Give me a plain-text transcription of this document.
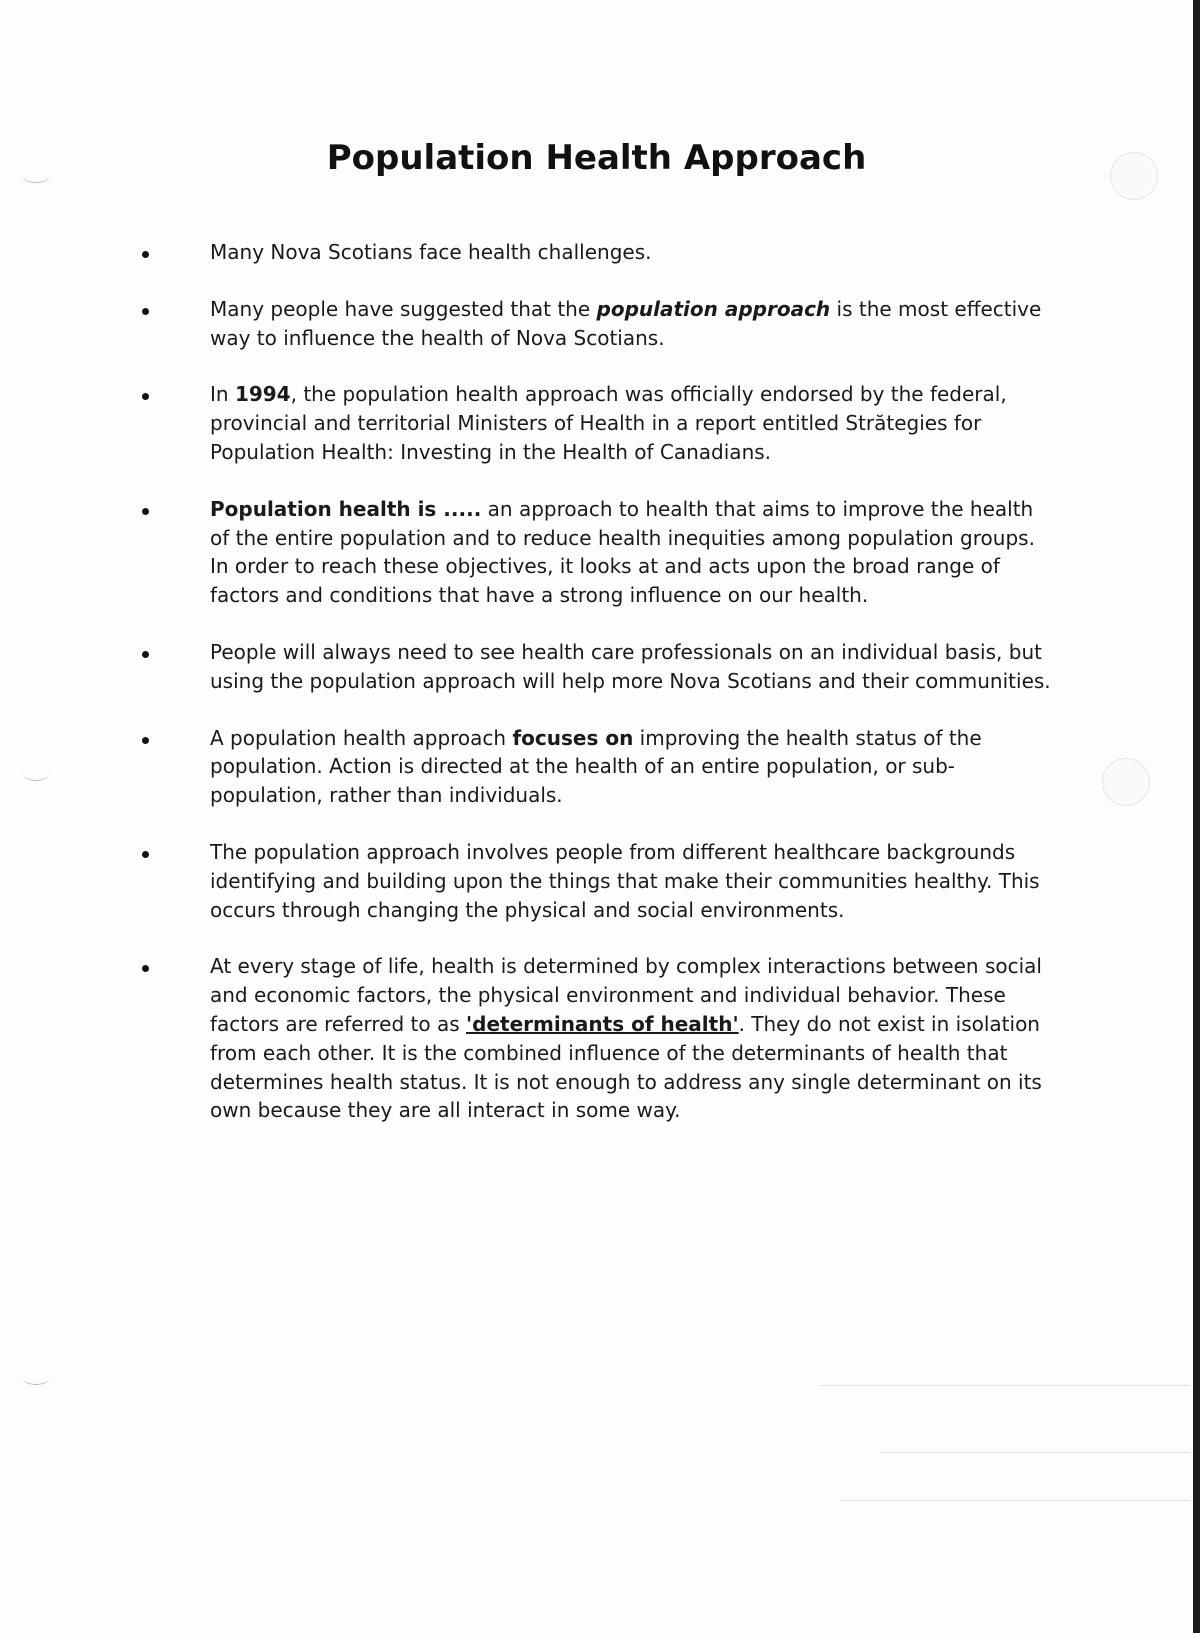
Population Health Approach
Many Nova Scotians face health challenges.
Many people have suggested that the population approach is the most effective way to influence the health of Nova Scotians.
In 1994, the population health approach was officially endorsed by the federal, provincial and territorial Ministers of Health in a report entitled Strătegies for Population Health: Investing in the Health of Canadians.
Population health is ..... an approach to health that aims to improve the health of the entire population and to reduce health inequities among population groups. In order to reach these objectives, it looks at and acts upon the broad range of factors and conditions that have a strong influence on our health.
People will always need to see health care professionals on an individual basis, but using the population approach will help more Nova Scotians and their communities.
A population health approach focuses on improving the health status of the population. Action is directed at the health of an entire population, or sub-population, rather than individuals.
The population approach involves people from different healthcare backgrounds identifying and building upon the things that make their communities healthy. This occurs through changing the physical and social environments.
At every stage of life, health is determined by complex interactions between social and economic factors, the physical environment and individual behavior. These factors are referred to as 'determinants of health'. They do not exist in isolation from each other. It is the combined influence of the determinants of health that determines health status. It is not enough to address any single determinant on its own because they are all interact in some way.
